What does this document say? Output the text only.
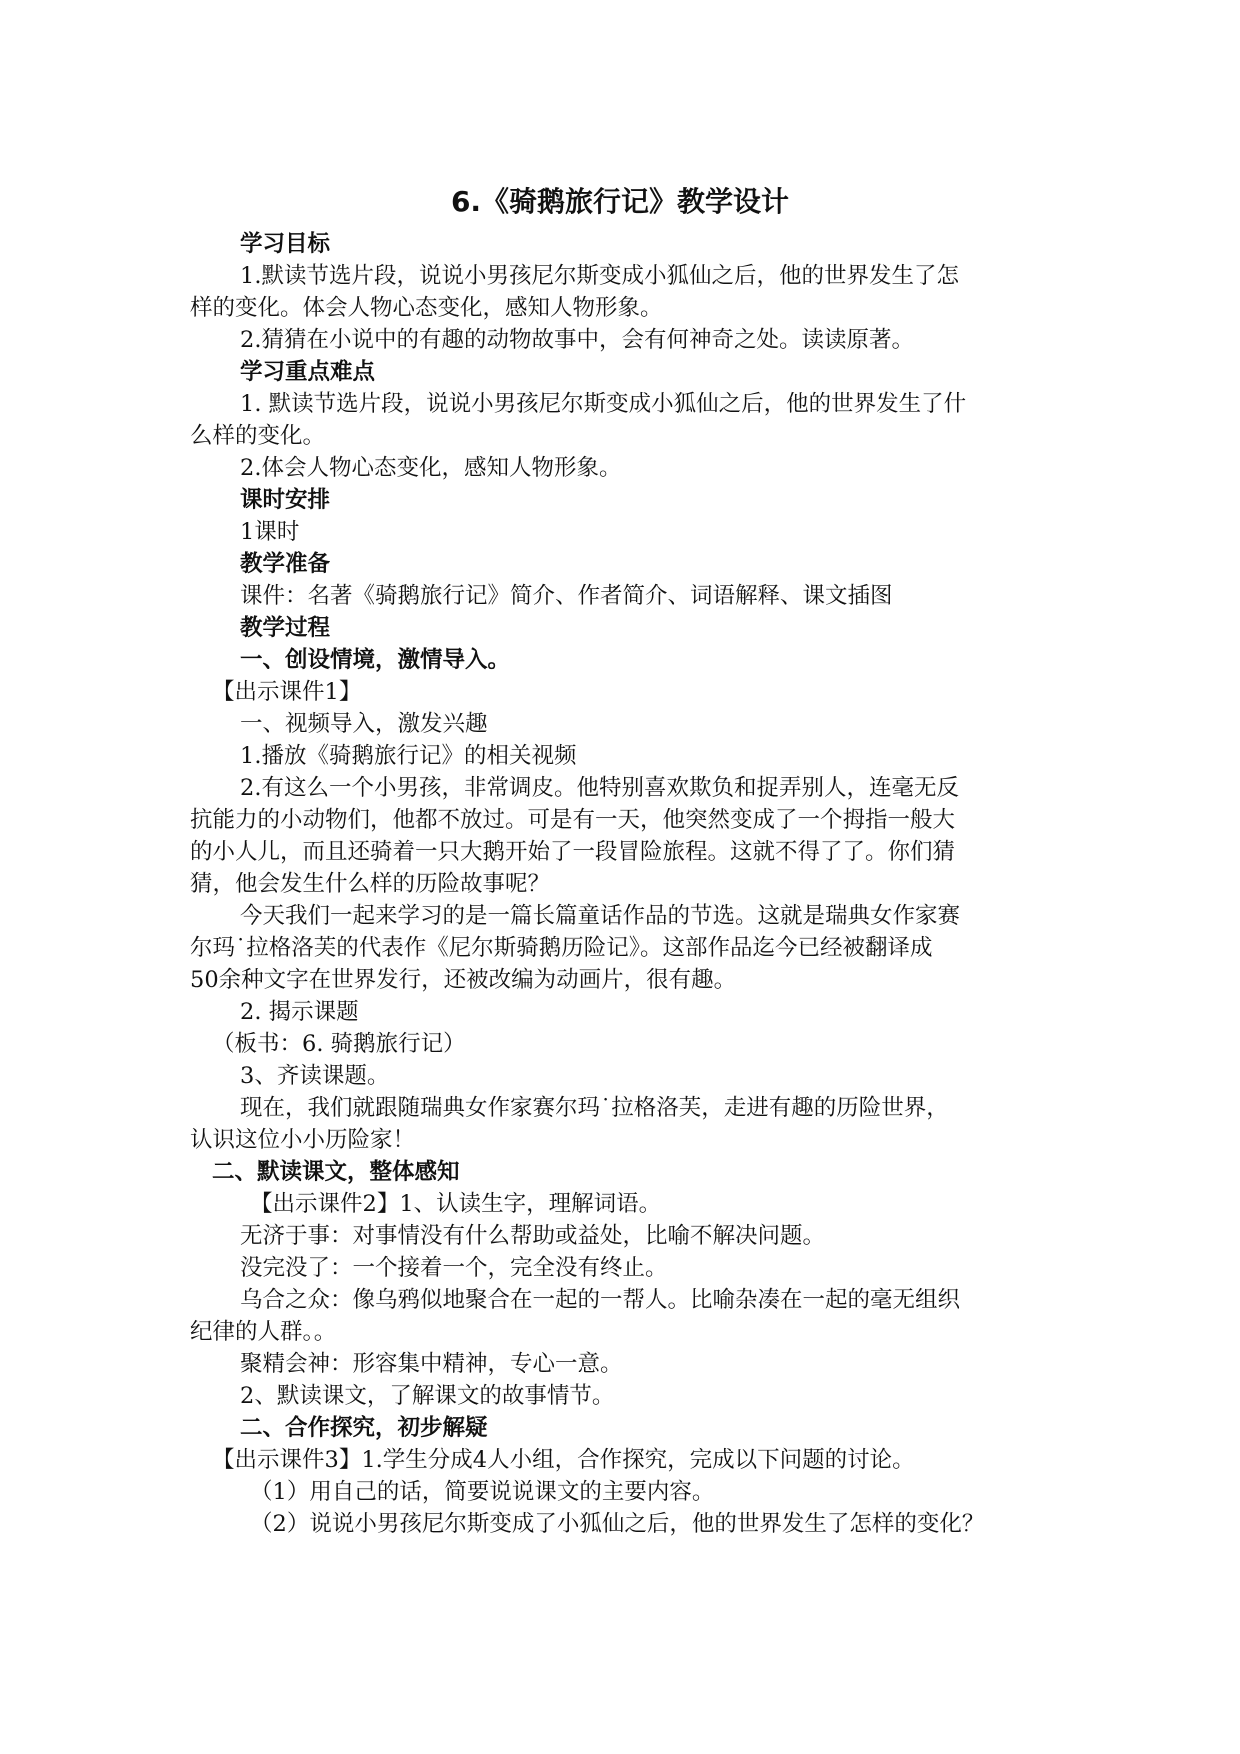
6.《骑鹅旅行记》教学设计
学习目标
1.默读节选片段，说说小男孩尼尔斯变成小狐仙之后，他的世界发生了怎
样的变化。体会人物心态变化，感知人物形象。
2.猜猜在小说中的有趣的动物故事中，会有何神奇之处。读读原著。
学习重点难点
1. 默读节选片段，说说小男孩尼尔斯变成小狐仙之后，他的世界发生了什
么样的变化。
2.体会人物心态变化，感知人物形象。
课时安排
1课时
教学准备
课件：名著《骑鹅旅行记》简介、作者简介、词语解释、课文插图
教学过程
一、创设情境，激情导入。
【出示课件1】
一、视频导入，激发兴趣
1.播放《骑鹅旅行记》的相关视频
2.有这么一个小男孩，非常调皮。他特别喜欢欺负和捉弄别人，连毫无反
抗能力的小动物们，他都不放过。可是有一天，他突然变成了一个拇指一般大
的小人儿，而且还骑着一只大鹅开始了一段冒险旅程。这就不得了了。你们猜
猜，他会发生什么样的历险故事呢？
今天我们一起来学习的是一篇长篇童话作品的节选。这就是瑞典女作家赛
尔玛˙拉格洛芙的代表作《尼尔斯骑鹅历险记》。这部作品迄今已经被翻译成
50余种文字在世界发行，还被改编为动画片，很有趣。
2. 揭示课题
（板书：6. 骑鹅旅行记）
3、齐读课题。
现在，我们就跟随瑞典女作家赛尔玛˙拉格洛芙，走进有趣的历险世界，
认识这位小小历险家！
二、默读课文，整体感知
【出示课件2】1、认读生字，理解词语。
无济于事：对事情没有什么帮助或益处，比喻不解决问题。
没完没了：一个接着一个，完全没有终止。
乌合之众：像乌鸦似地聚合在一起的一帮人。比喻杂凑在一起的毫无组织
纪律的人群。。
聚精会神：形容集中精神，专心一意。
2、默读课文，了解课文的故事情节。
二、合作探究，初步解疑
【出示课件3】1.学生分成4人小组，合作探究，完成以下问题的讨论。
（1）用自己的话，简要说说课文的主要内容。
（2）说说小男孩尼尔斯变成了小狐仙之后，他的世界发生了怎样的变化？
